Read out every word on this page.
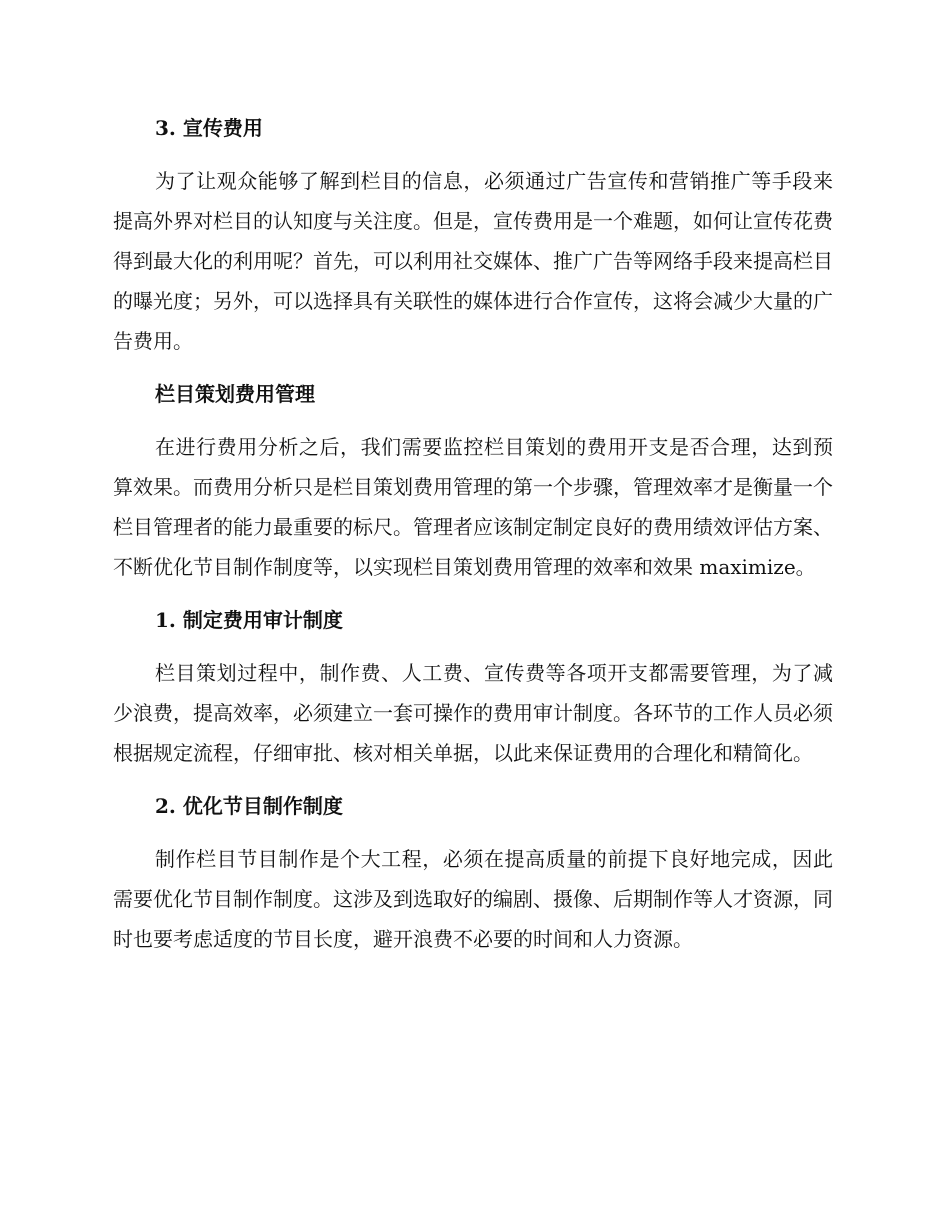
3. 宣传费用

为了让观众能够了解到栏目的信息，必须通过广告宣传和营销推广等手段来提高外界对栏目的认知度与关注度。但是，宣传费用是一个难题，如何让宣传花费得到最大化的利用呢？首先，可以利用社交媒体、推广广告等网络手段来提高栏目的曝光度；另外，可以选择具有关联性的媒体进行合作宣传，这将会减少大量的广告费用。

栏目策划费用管理

在进行费用分析之后，我们需要监控栏目策划的费用开支是否合理，达到预算效果。而费用分析只是栏目策划费用管理的第一个步骤，管理效率才是衡量一个栏目管理者的能力最重要的标尺。管理者应该制定制定良好的费用绩效评估方案、不断优化节目制作制度等，以实现栏目策划费用管理的效率和效果 maximize。

1. 制定费用审计制度

栏目策划过程中，制作费、人工费、宣传费等各项开支都需要管理，为了减少浪费，提高效率，必须建立一套可操作的费用审计制度。各环节的工作人员必须根据规定流程，仔细审批、核对相关单据，以此来保证费用的合理化和精简化。

2. 优化节目制作制度

制作栏目节目制作是个大工程，必须在提高质量的前提下良好地完成，因此需要优化节目制作制度。这涉及到选取好的编剧、摄像、后期制作等人才资源，同时也要考虑适度的节目长度，避开浪费不必要的时间和人力资源。
